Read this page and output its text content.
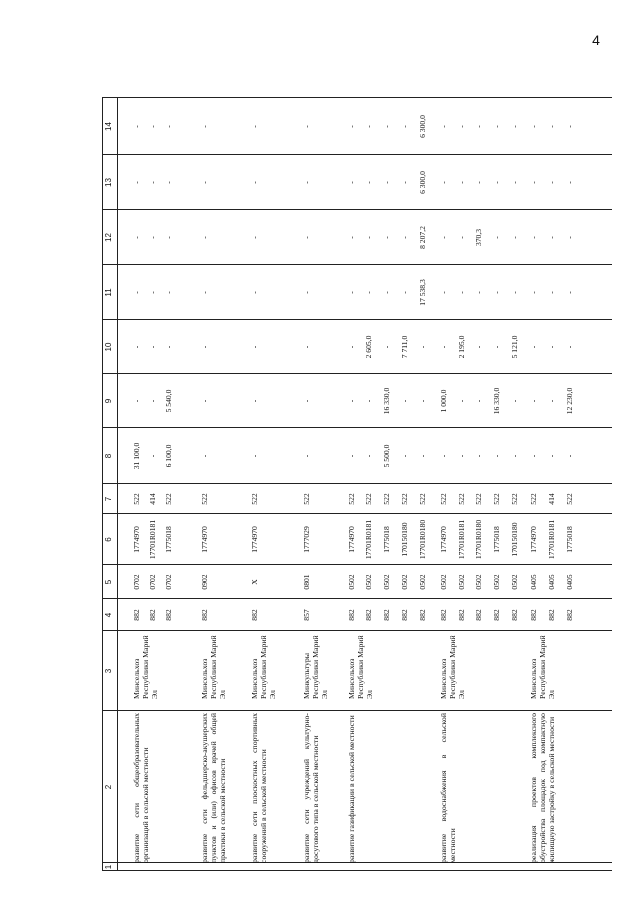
4
1
2
3
4
5
6
7
8
9
10
11
12
13
14
развитие сети общеобразовательных организаций в сельской местности
Минсельхоз Республики Марий Эл
882
0702
1774970
522
31 100,0
-
-
-
-
-
-
882
0702
17701R0181
414
-
-
-
-
-
-
-
882
0702
1775018
522
6 100,0
5 540,0
-
-
-
-
-
развитие сети фельдшерско-акушерских пунктов и (или) офисов врачей общей практики в сельской местности
Минсельхоз Республики Марий Эл
882
0902
1774970
522
-
-
-
-
-
-
-
развитие сети плоскостных спортивных сооружений в сельской местности
Минсельхоз Республики Марий Эл
882
Х
1774970
522
-
-
-
-
-
-
-
развитие сети учреждений культурно-досугового типа в сельской местности
Минкультуры Республики Марий Эл
857
0801
1777029
522
-
-
-
-
-
-
-
развитие газификации в сельской местности
Минсельхоз Республики Марий Эл
882
0502
1774970
522
-
-
-
-
-
-
-
882
0502
17701R0181
522
-
-
2 605,0
-
-
-
-
882
0502
1775018
522
5 500,0
16 330,0
-
-
-
-
-
882
0502
170150180
522
-
-
7 711,0
-
-
-
-
882
0502
17701R0180
522
-
-
-
17 538,3
8 207,2
6 300,0
6 300,0
развитие водоснабжения в сельской местности
Минсельхоз Республики Марий Эл
882
0502
1774970
522
-
1 000,0
-
-
-
-
-
882
0502
17701R0181
522
-
-
2 195,0
-
-
-
-
882
0502
17701R0180
522
-
-
-
-
370,3
-
-
882
0502
1775018
522
-
16 330,0
-
-
-
-
-
882
0502
170150180
522
-
-
5 121,0
-
-
-
-
реализация проектов комплексного обустройства площадок под компактную жилищную застройку в сельской местности
Минсельхоз Республики Марий Эл
882
0405
1774970
522
-
-
-
-
-
-
-
882
0405
17701R0181
414
-
-
-
-
-
-
-
882
0405
1775018
522
-
12 230,0
-
-
-
-
-
